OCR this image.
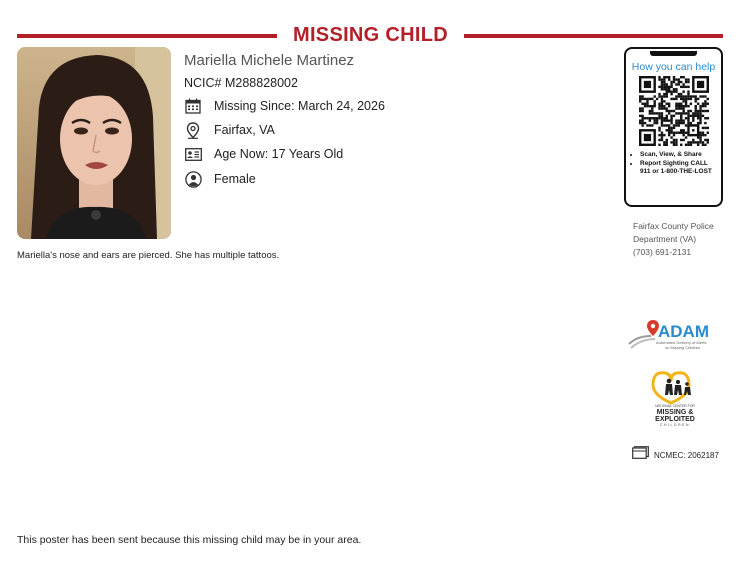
MISSING CHILD
Mariella Michele Martinez
NCIC# M288828002
Missing Since: March 24, 2026
Fairfax, VA
Age Now: 17 Years Old
Female
Mariella's nose and ears are pierced. She has multiple tattoos.
How you can help
• Scan, View, & Share
• Report Sighting CALL 911 or 1-800-THE-LOST
Fairfax County Police
Department (VA)
(703) 691-2131
ADAM
Automated Delivery of Alerts
on Missing Children
NATIONAL CENTER FOR
MISSING &
EXPLOITED
CHILDREN
NCMEC: 2062187
This poster has been sent because this missing child may be in your area.
